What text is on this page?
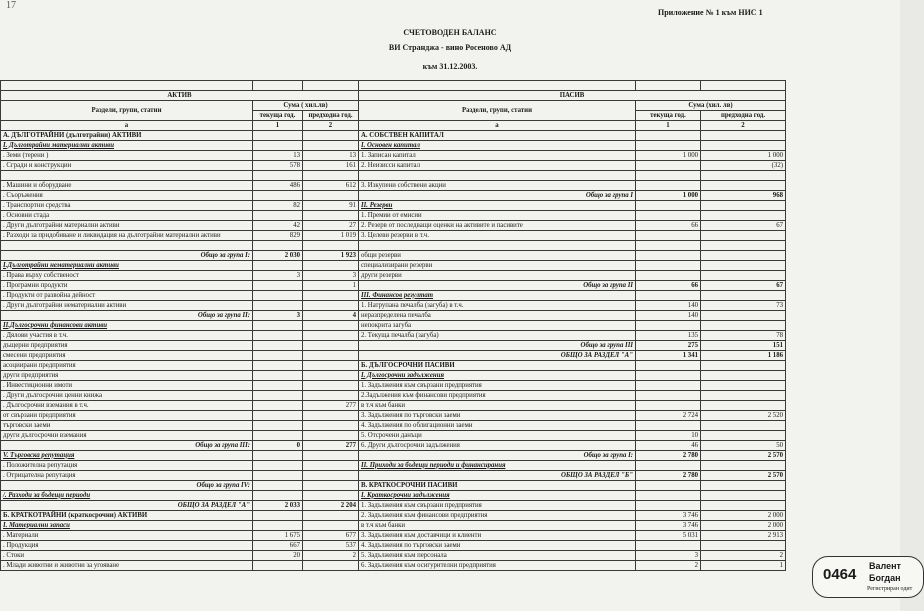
17
Приложение № 1 към НИС 1
СЧЕТОВОДЕН БАЛАНС
ВИ Странджа - вино Росеново АД
към 31.12.2003.

АКТИВ			ПАСИВ		
Раздели, групи, статии	Сума ( хил.лв)		Раздели, групи, статии	Сума (хил. лв)	
	текуща год.	предходна год.		текуща год.	предходна год.
а	1	2	а	1	2
А. ДЪЛГОТРАЙНИ (дълготрайни) АКТИВИ			А. СОБСТВЕН КАПИТАЛ		
І. Дълготрайни материални активи			І. Основен капитал		
. Земи (терени )	13	13	1. Записан капитал	1 000	1 000
. Сгради и конструкции	578	161	2. Неизиссн капитал		(32)

. Машини и оборудване	486	612	3. Изкупени собствени акции		
. Съоръжения			Общо за група І	1 000	968
. Транспортни средства	82	91	ІІ. Резерви		
. Основни стада			1. Премии от емисии		
. Други дълготрайни материални активи	42	27	2. Резерв от последващи оценки на активите и пасивите	66	67
. Разходи за придобиване и ликвидация на дълготрайни материални активи	829	1 019	3. Целеви резерви в т.ч.		

Общо за група І:	2 030	1 923	общи резерви		
І.Дълготрайни нематериални активи			специализирани резерви		
. Права върху собственост	3	3	други резерви		
. Програмни продукти		1	Общо за група ІІ	66	67
. Продукти от развойна дейност			ІІІ. Финансов резултат		
. Други дълготрайни нематериални активи			1. Натрупана печалба (загуба) в т.ч.	140	73
Общо за група ІІ:	3	4	неразпределена печалба	140	
ІІ.Дългосрочни финансови активи			непокрита загуба		
. Дялови участия в т.ч.			2. Текуща печалба (загуба)	135	78
дъщерни предприятия			Общо за група ІІІ	275	151
смесени предприятия			ОБЩО ЗА РАЗДЕЛ "А"	1 341	1 186
асоциирани предприятия			Б. ДЪЛГОСРОЧНИ ПАСИВИ		
други предприятия			І. Дългосрочни задължения		
. Инвестиционни имоти			1. Задължения към свързани предприятия		
. Други дългосрочни ценни книжа			2.Задължения към финансови предприятия		
. Дългосрочни вземания в т.ч.		277	в т.ч към банки		
от свързани предприятия			3. Задължения по търговски заеми	2 724	2 520
търговски заеми			4. Задължения по облигационни заеми		
други дългосрочни вземания			5. Отсрочени данъци	10	
Общо за група ІІІ:	0	277	6. Други дългосрочни задължения	46	50
V. Търговска репутация			Общо за група І:	2 780	2 570
. Положителна репутация			ІІ. Приходи за бъдещи периоди и финансирания		
. Отрицателна репутация			ОБЩО ЗА РАЗДЕЛ "Б"	2 780	2 570
Общо за група ІV:			В. КРАТКОСРОЧНИ ПАСИВИ		
/. Разходи за бъдещи периоди			І. Краткосрочни задължения		
ОБЩО ЗА РАЗДЕЛ "А"	2 033	2 204	1. Задължения към свързани предприятия		
Б. КРАТКОТРАЙНИ (краткосрочни) АКТИВИ			2. Задължения към финансови предприятия	3 746	2 000
І. Материални запаси			в т.ч към банки	3 746	2 000
. Материали	1 675	677	3. Задължения към доставчици и клиенти	5 031	2 913
. Продукция	667	537	4. Задължения по търговски заеми		
. Стоки	20	2	5. Задължения към персонала	3	2
. Млади животни и животни за угояване			6. Задължения към осигурителни предприятия	2	1
0464 Валент
Богдан
Регистриран одит
